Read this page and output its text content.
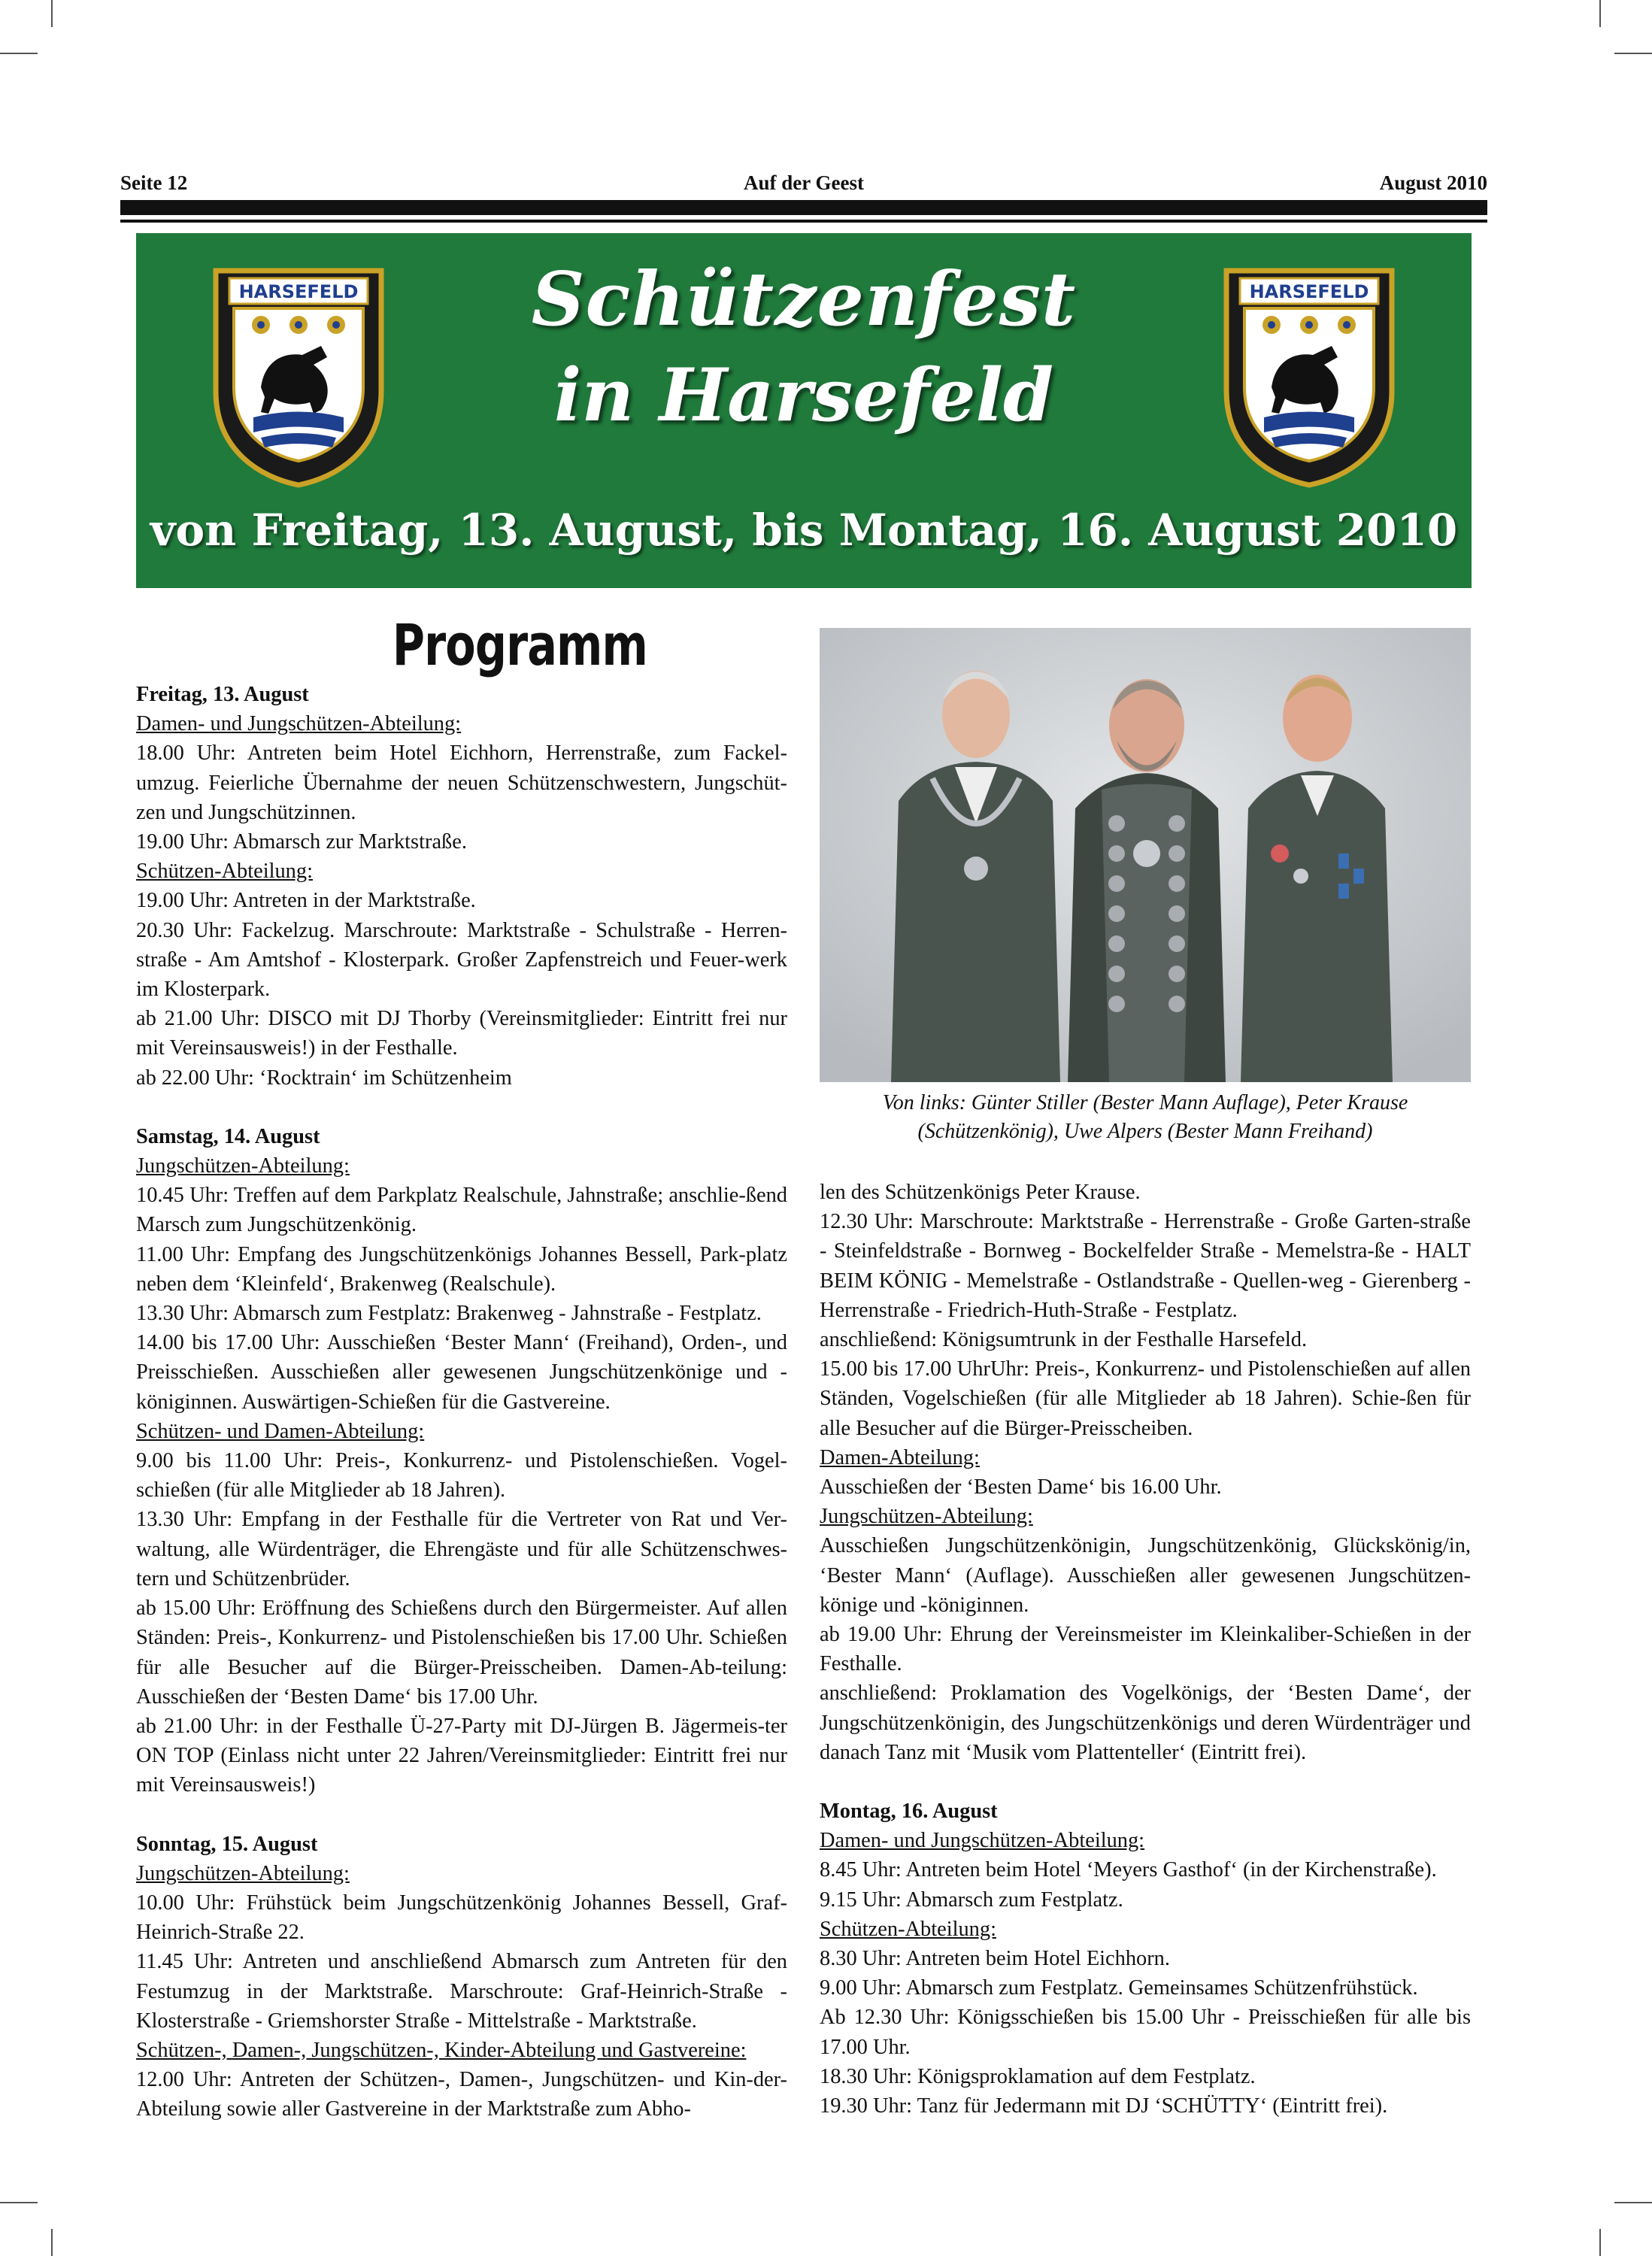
Auf der Geest
Seite 12	August 2010
HARSEFELD	HARSEFELD
Schützenfest
in Harsefeld
von Freitag, 13. August, bis Montag, 16. August 2010
Programm

Freitag, 13. August

Damen- und Jungschützen-Abteilung:

18.00 Uhr: Antreten beim Hotel Eichhorn, Herrenstraße, zum Fackel-umzug. Feierliche Übernahme der neuen Schützenschwestern, Jungschüt-zen und Jungschützinnen.

19.00 Uhr: Abmarsch zur Marktstraße.

Schützen-Abteilung:

19.00 Uhr: Antreten in der Marktstraße.

20.30 Uhr: Fackelzug. Marschroute: Marktstraße - Schulstraße - Herren-straße - Am Amtshof - Klosterpark. Großer Zapfenstreich und Feuer-werk im Klosterpark.

ab 21.00 Uhr: DISCO mit DJ Thorby (Vereinsmitglieder: Eintritt frei nur mit Vereinsausweis!) in der Festhalle.

ab 22.00 Uhr: ‘Rocktrain‘ im Schützenheim

Samstag, 14. August

Jungschützen-Abteilung:

10.45 Uhr: Treffen auf dem Parkplatz Realschule, Jahnstraße; anschlie-ßend Marsch zum Jungschützenkönig.

11.00 Uhr: Empfang des Jungschützenkönigs Johannes Bessell, Park-platz neben dem ‘Kleinfeld‘, Brakenweg (Realschule).

13.30 Uhr: Abmarsch zum Festplatz: Brakenweg - Jahnstraße - Festplatz.

14.00 bis 17.00 Uhr: Ausschießen ‘Bester Mann‘ (Freihand), Orden-, und Preisschießen. Ausschießen aller gewesenen Jungschützenkönige und -königinnen. Auswärtigen-Schießen für die Gastvereine.

Schützen- und Damen-Abteilung:

9.00 bis 11.00 Uhr: Preis-, Konkurrenz- und Pistolenschießen. Vogel-schießen (für alle Mitglieder ab 18 Jahren).

13.30 Uhr: Empfang in der Festhalle für die Vertreter von Rat und Ver-waltung, alle Würdenträger, die Ehrengäste und für alle Schützenschwes-tern und Schützenbrüder.

ab 15.00 Uhr: Eröffnung des Schießens durch den Bürgermeister. Auf allen Ständen: Preis-, Konkurrenz- und Pistolenschießen bis 17.00 Uhr. Schießen für alle Besucher auf die Bürger-Preisscheiben. Damen-Ab-teilung: Ausschießen der ‘Besten Dame‘ bis 17.00 Uhr.

ab 21.00 Uhr: in der Festhalle Ü-27-Party mit DJ-Jürgen B. Jägermeis-ter ON TOP (Einlass nicht unter 22 Jahren/Vereinsmitglieder: Eintritt frei nur mit Vereinsausweis!)

Sonntag, 15. August

Jungschützen-Abteilung:

10.00 Uhr: Frühstück beim Jungschützenkönig Johannes Bessell, Graf-Heinrich-Straße 22.

11.45 Uhr: Antreten und anschließend Abmarsch zum Antreten für den Festumzug in der Marktstraße. Marschroute: Graf-Heinrich-Straße - Klosterstraße - Griemshorster Straße - Mittelstraße - Marktstraße.

Schützen-, Damen-, Jungschützen-, Kinder-Abteilung und Gastvereine:

12.00 Uhr: Antreten der Schützen-, Damen-, Jungschützen- und Kin-der-Abteilung sowie aller Gastvereine in der Marktstraße zum Abho-

Von links: Günter Stiller (Bester Mann Auflage), Peter Krause (Schützenkönig), Uwe Alpers (Bester Mann Freihand)

len des Schützenkönigs Peter Krause.

12.30 Uhr: Marschroute: Marktstraße - Herrenstraße - Große Garten-straße - Steinfeldstraße - Bornweg - Bockelfelder Straße - Memelstra-ße - HALT BEIM KÖNIG - Memelstraße - Ostlandstraße - Quellen-weg - Gierenberg - Herrenstraße - Friedrich-Huth-Straße - Festplatz.

anschließend: Königsumtrunk in der Festhalle Harsefeld.

15.00 bis 17.00 UhrUhr: Preis-, Konkurrenz- und Pistolenschießen auf allen Ständen, Vogelschießen (für alle Mitglieder ab 18 Jahren). Schie-ßen für alle Besucher auf die Bürger-Preisscheiben.

Damen-Abteilung:

Ausschießen der ‘Besten Dame‘ bis 16.00 Uhr.

Jungschützen-Abteilung:

Ausschießen Jungschützenkönigin, Jungschützenkönig, Glückskönig/in, ‘Bester Mann‘ (Auflage). Ausschießen aller gewesenen Jungschützen-könige und -königinnen.

ab 19.00 Uhr: Ehrung der Vereinsmeister im Kleinkaliber-Schießen in der Festhalle.

anschließend: Proklamation des Vogelkönigs, der ‘Besten Dame‘, der Jungschützenkönigin, des Jungschützenkönigs und deren Würdenträger und danach Tanz mit ‘Musik vom Plattenteller‘ (Eintritt frei).

Montag, 16. August

Damen- und Jungschützen-Abteilung:

8.45 Uhr: Antreten beim Hotel ‘Meyers Gasthof‘ (in der Kirchenstraße).

9.15 Uhr: Abmarsch zum Festplatz.

Schützen-Abteilung:

8.30 Uhr: Antreten beim Hotel Eichhorn.

9.00 Uhr: Abmarsch zum Festplatz. Gemeinsames Schützenfrühstück.

Ab 12.30 Uhr: Königsschießen bis 15.00 Uhr - Preisschießen für alle bis 17.00 Uhr.

18.30 Uhr: Königsproklamation auf dem Festplatz.

19.30 Uhr: Tanz für Jedermann mit DJ ‘SCHÜTTY‘ (Eintritt frei).
